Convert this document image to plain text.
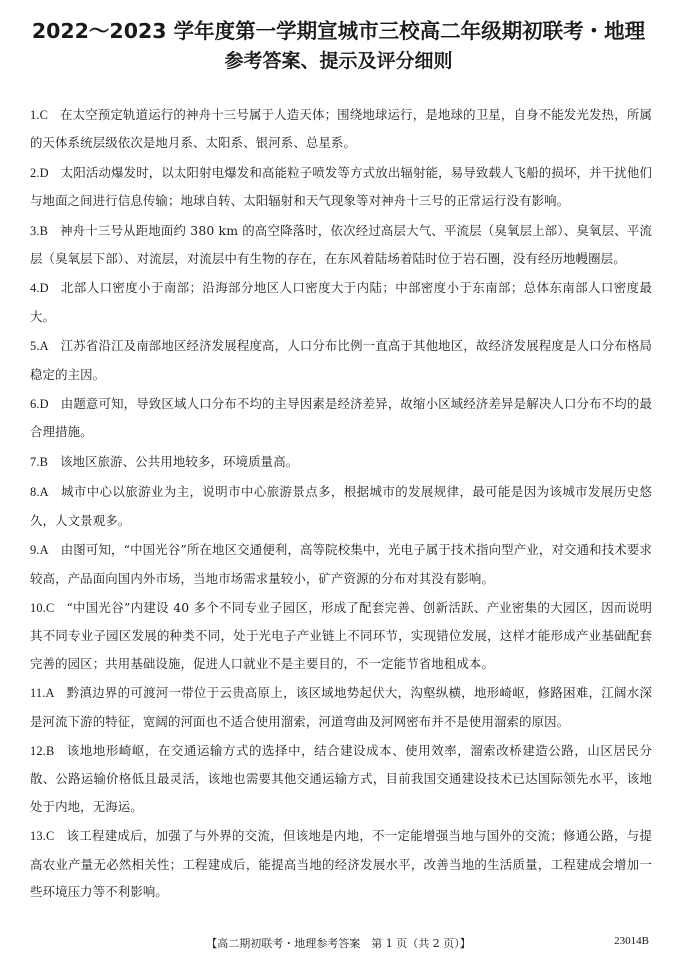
2022～2023 学年度第一学期宣城市三校高二年级期初联考・地理
参考答案、提示及评分细则
1.C 在太空预定轨道运行的神舟十三号属于人造天体；围绕地球运行，是地球的卫星，自身不能发光发热，所属的天体系统层级依次是地月系、太阳系、银河系、总星系。
2.D 太阳活动爆发时，以太阳射电爆发和高能粒子喷发等方式放出辐射能，易导致载人飞船的损坏，并干扰他们与地面之间进行信息传输；地球自转、太阳辐射和天气现象等对神舟十三号的正常运行没有影响。
3.B 神舟十三号从距地面约 380 km 的高空降落时，依次经过高层大气、平流层（臭氧层上部）、臭氧层、平流层（臭氧层下部）、对流层，对流层中有生物的存在，在东风着陆场着陆时位于岩石圈，没有经历地幔圈层。
4.D 北部人口密度小于南部；沿海部分地区人口密度大于内陆；中部密度小于东南部；总体东南部人口密度最大。
5.A 江苏省沿江及南部地区经济发展程度高，人口分布比例一直高于其他地区，故经济发展程度是人口分布格局稳定的主因。
6.D 由题意可知，导致区域人口分布不均的主导因素是经济差异，故缩小区域经济差异是解决人口分布不均的最合理措施。
7.B 该地区旅游、公共用地较多，环境质量高。
8.A 城市中心以旅游业为主，说明市中心旅游景点多，根据城市的发展规律，最可能是因为该城市发展历史悠久，人文景观多。
9.A 由图可知，“中国光谷”所在地区交通便利，高等院校集中，光电子属于技术指向型产业，对交通和技术要求较高，产品面向国内外市场，当地市场需求量较小，矿产资源的分布对其没有影响。
10.C “中国光谷”内建设 40 多个不同专业子园区，形成了配套完善、创新活跃、产业密集的大园区，因而说明其不同专业子园区发展的种类不同，处于光电子产业链上不同环节，实现错位发展，这样才能形成产业基础配套完善的园区；共用基础设施，促进人口就业不是主要目的，不一定能节省地租成本。
11.A 黔滇边界的可渡河一带位于云贵高原上，该区域地势起伏大，沟壑纵横，地形崎岖，修路困难，江阔水深是河流下游的特征，宽阔的河面也不适合使用溜索，河道弯曲及河网密布并不是使用溜索的原因。
12.B 该地地形崎岖，在交通运输方式的选择中，结合建设成本、使用效率，溜索改桥建造公路，山区居民分散、公路运输价格低且最灵活，该地也需要其他交通运输方式，目前我国交通建设技术已达国际领先水平，该地处于内地，无海运。
13.C 该工程建成后，加强了与外界的交流，但该地是内地，不一定能增强当地与国外的交流；修通公路，与提高农业产量无必然相关性；工程建成后，能提高当地的经济发展水平，改善当地的生活质量，工程建成会增加一些环境压力等不利影响。
【高二期初联考・地理参考答案　第 1 页（共 2 页）】	23014B
